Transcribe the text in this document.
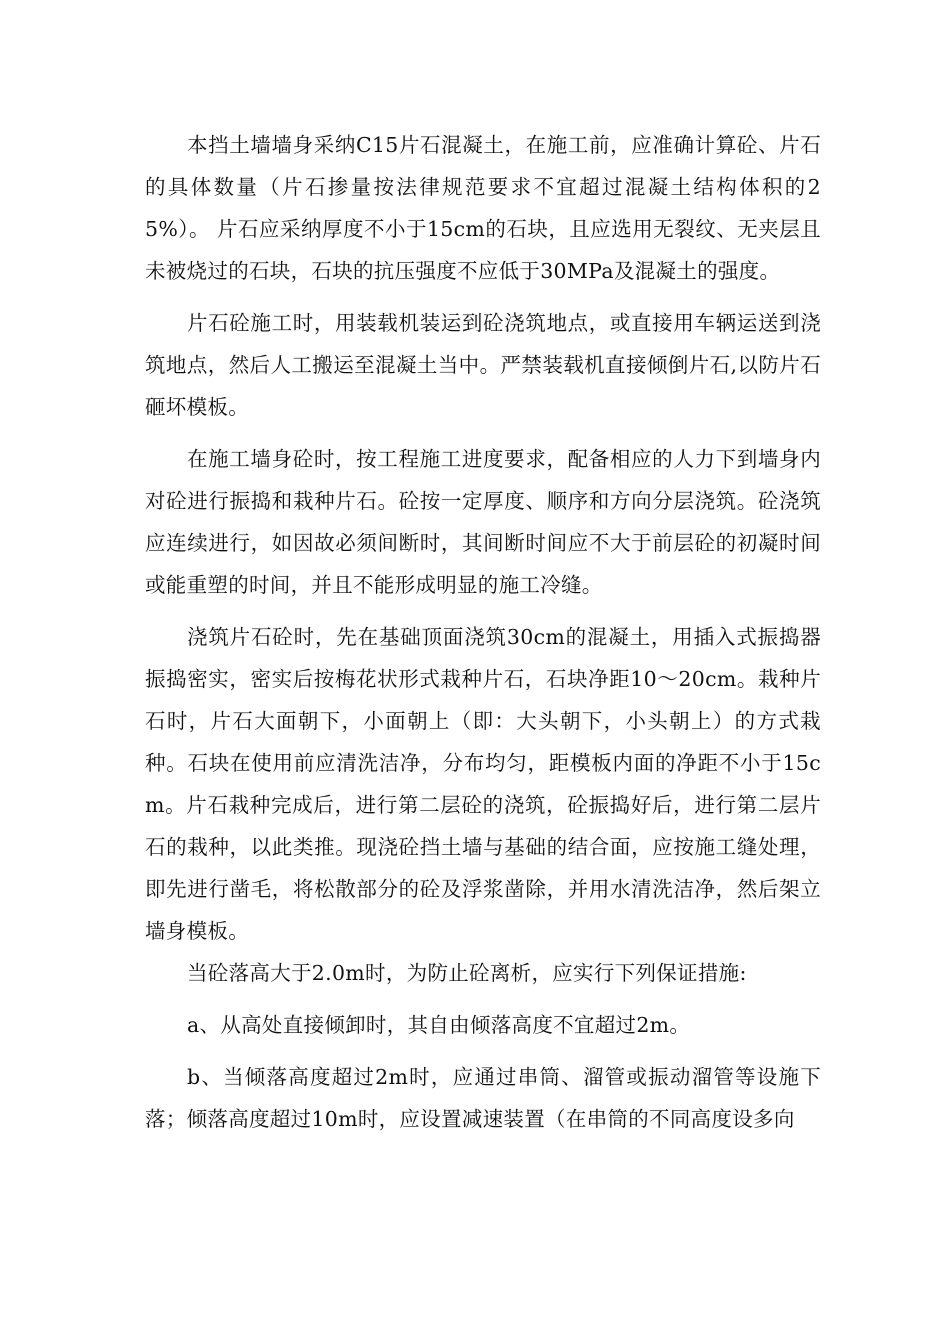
本挡土墙墙身采纳C15片石混凝土，在施工前，应准确计算砼、片石的具体数量（片石掺量按法律规范要求不宜超过混凝土结构体积的25%）。 片石应采纳厚度不小于15cm的石块，且应选用无裂纹、无夹层且未被烧过的石块，石块的抗压强度不应低于30MPa及混凝土的强度。

片石砼施工时，用装载机装运到砼浇筑地点，或直接用车辆运送到浇筑地点，然后人工搬运至混凝土当中。严禁装载机直接倾倒片石,以防片石砸坏模板。

在施工墙身砼时，按工程施工进度要求，配备相应的人力下到墙身内对砼进行振捣和栽种片石。砼按一定厚度、顺序和方向分层浇筑。砼浇筑应连续进行，如因故必须间断时，其间断时间应不大于前层砼的初凝时间或能重塑的时间，并且不能形成明显的施工冷缝。

浇筑片石砼时，先在基础顶面浇筑30cm的混凝土，用插入式振捣器振捣密实，密实后按梅花状形式栽种片石，石块净距10〜20cm。栽种片石时，片石大面朝下，小面朝上（即：大头朝下，小头朝上）的方式栽种。石块在使用前应清洗洁净，分布均匀，距模板内面的净距不小于15cm。片石栽种完成后，进行第二层砼的浇筑，砼振捣好后，进行第二层片石的栽种，以此类推。现浇砼挡土墙与基础的结合面，应按施工缝处理，即先进行凿毛，将松散部分的砼及浮浆凿除，并用水清洗洁净，然后架立墙身模板。

当砼落高大于2.0m时，为防止砼离析，应实行下列保证措施:

a、从高处直接倾卸时，其自由倾落高度不宜超过2m。

b、当倾落高度超过2m时，应通过串筒、溜管或振动溜管等设施下落；倾落高度超过10m时，应设置减速装置（在串筒的不同高度设多向
